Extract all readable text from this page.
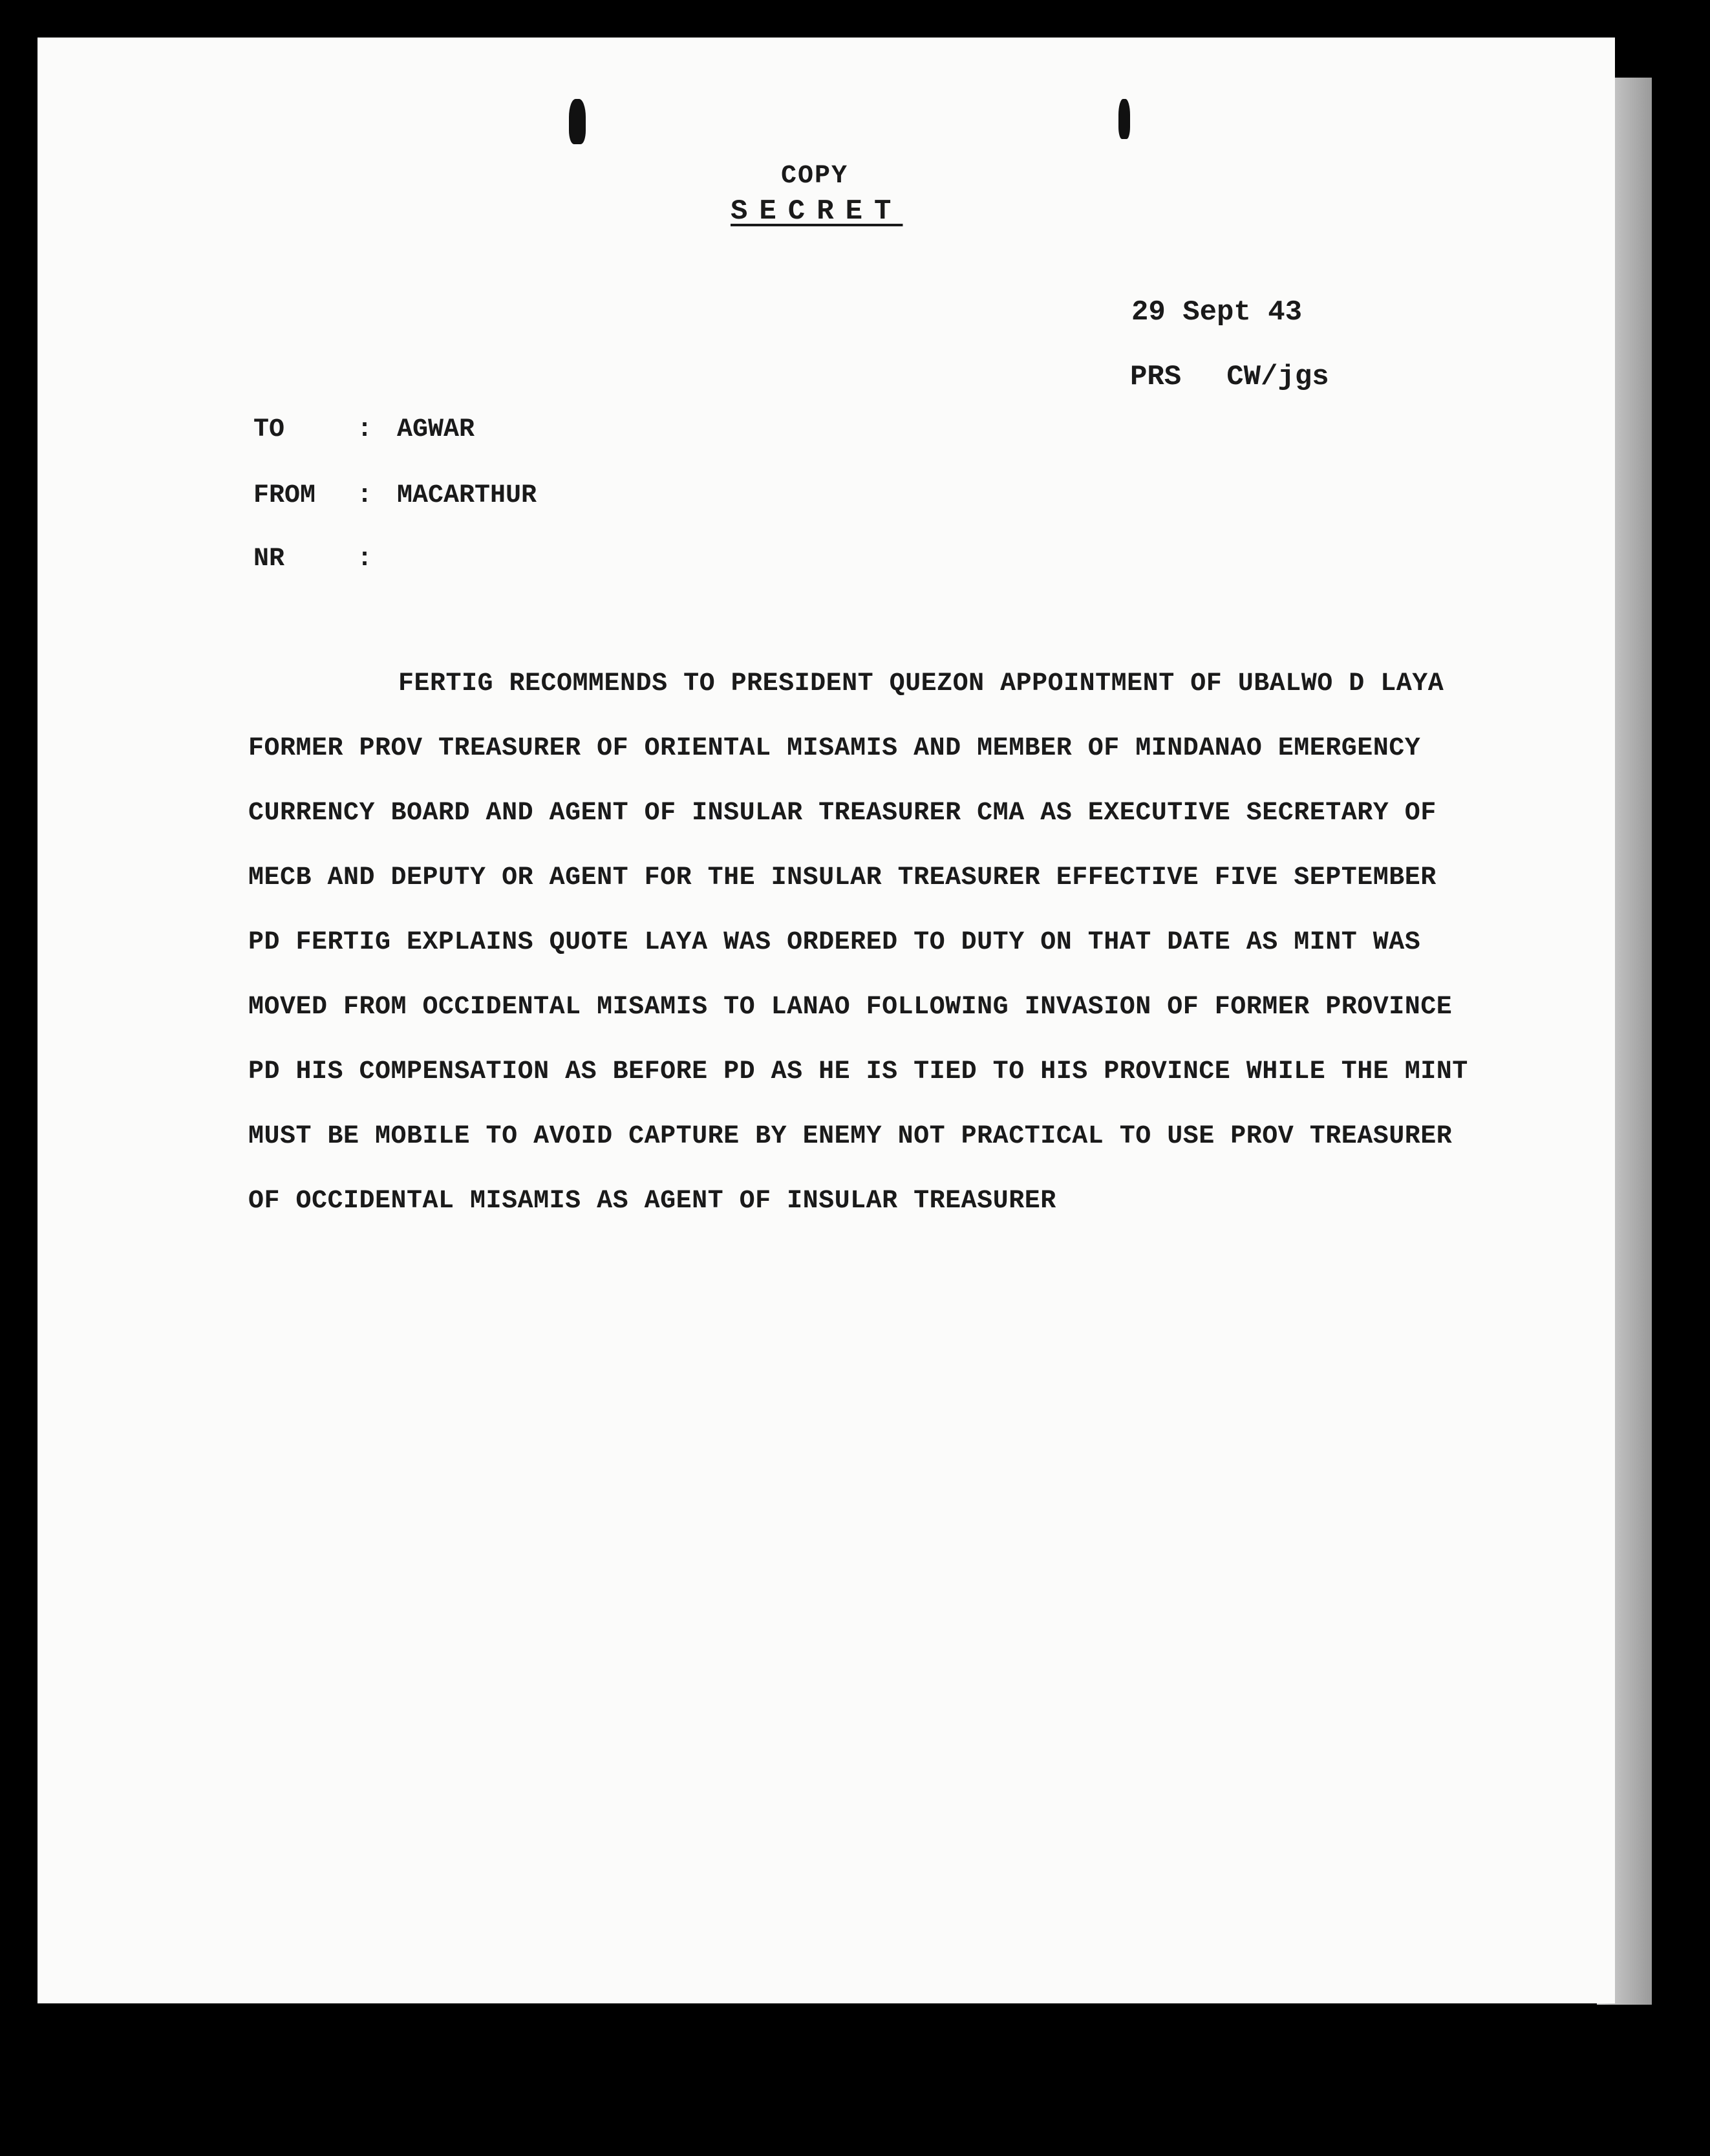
COPY
SECRET
29 Sept 43
PRS CW/jgs
TO	: AGWAR
FROM : MACARTHUR
NR	:
FERTIG RECOMMENDS TO PRESIDENT QUEZON APPOINTMENT OF UBALWO D LAYA
FORMER PROV TREASURER OF ORIENTAL MISAMIS AND MEMBER OF MINDANAO EMERGENCY
CURRENCY BOARD AND AGENT OF INSULAR TREASURER CMA AS EXECUTIVE SECRETARY OF
MECB AND DEPUTY OR AGENT FOR THE INSULAR TREASURER EFFECTIVE FIVE SEPTEMBER
PD FERTIG EXPLAINS QUOTE LAYA WAS ORDERED TO DUTY ON THAT DATE AS MINT WAS
MOVED FROM OCCIDENTAL MISAMIS TO LANAO FOLLOWING INVASION OF FORMER PROVINCE
PD HIS COMPENSATION AS BEFORE PD AS HE IS TIED TO HIS PROVINCE WHILE THE MINT
MUST BE MOBILE TO AVOID CAPTURE BY ENEMY NOT PRACTICAL TO USE PROV TREASURER
OF OCCIDENTAL MISAMIS AS AGENT OF INSULAR TREASURER
